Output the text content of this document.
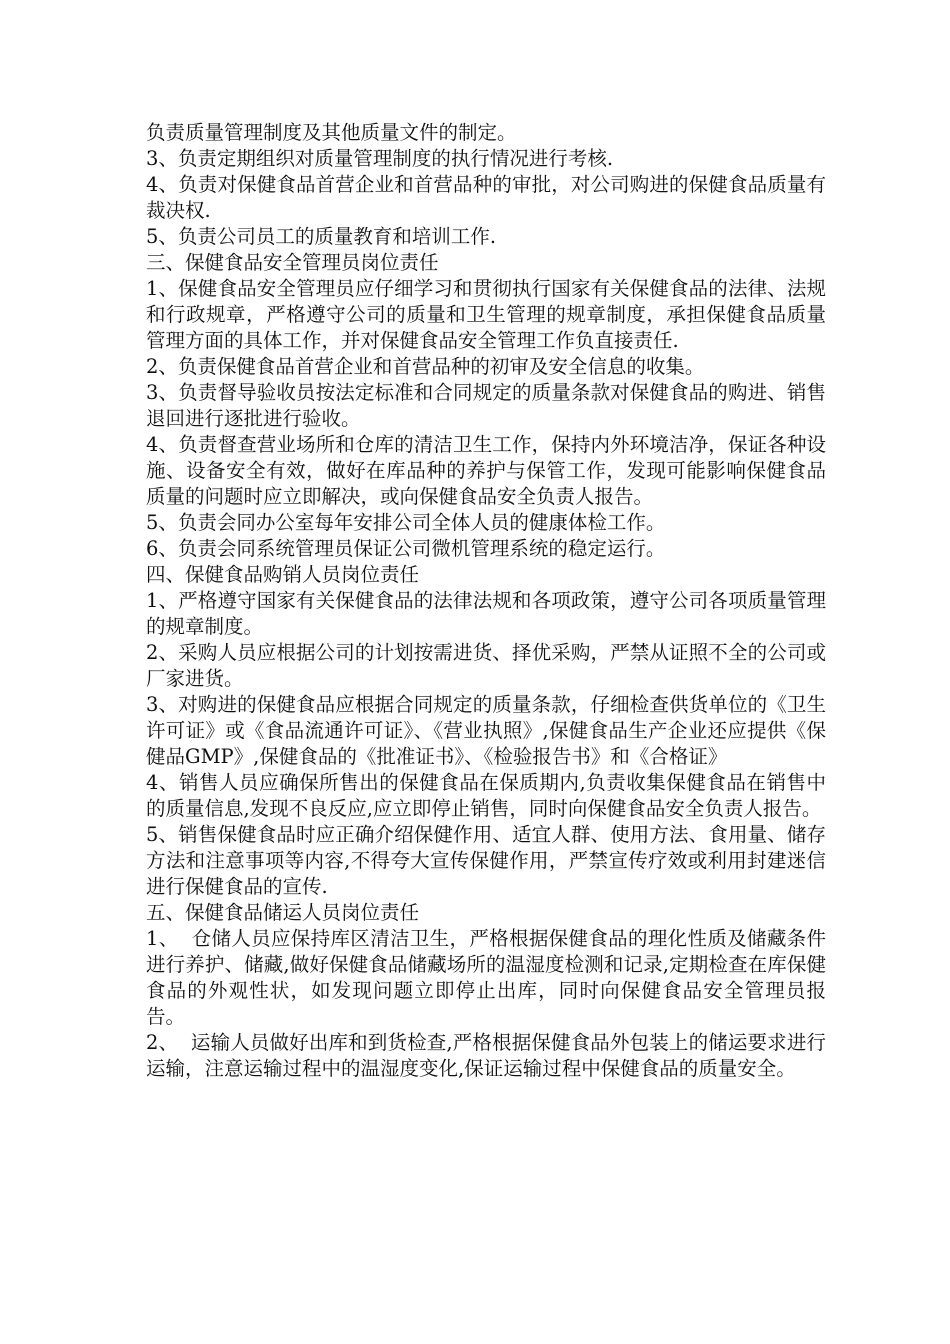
负责质量管理制度及其他质量文件的制定。

3、负责定期组织对质量管理制度的执行情况进行考核.

4、负责对保健食品首营企业和首营品种的审批，对公司购进的保健食品质量有裁决权.

5、负责公司员工的质量教育和培训工作.

三、保健食品安全管理员岗位责任

1、保健食品安全管理员应仔细学习和贯彻执行国家有关保健食品的法律、法规和行政规章，严格遵守公司的质量和卫生管理的规章制度，承担保健食品质量管理方面的具体工作，并对保健食品安全管理工作负直接责任.

2、负责保健食品首营企业和首营品种的初审及安全信息的收集。

3、负责督导验收员按法定标准和合同规定的质量条款对保健食品的购进、销售退回进行逐批进行验收。

4、负责督查营业场所和仓库的清洁卫生工作，保持内外环境洁净，保证各种设施、设备安全有效，做好在库品种的养护与保管工作，发现可能影响保健食品质量的问题时应立即解决，或向保健食品安全负责人报告。

5、负责会同办公室每年安排公司全体人员的健康体检工作。

6、负责会同系统管理员保证公司微机管理系统的稳定运行。

四、保健食品购销人员岗位责任

1、严格遵守国家有关保健食品的法律法规和各项政策，遵守公司各项质量管理的规章制度。

2、采购人员应根据公司的计划按需进货、择优采购，严禁从证照不全的公司或厂家进货。

3、对购进的保健食品应根据合同规定的质量条款，仔细检查供货单位的《卫生许可证》或《食品流通许可证》、《营业执照》,保健食品生产企业还应提供《保健品GMP》,保健食品的《批准证书》、《检验报告书》和《合格证》

4、销售人员应确保所售出的保健食品在保质期内,负责收集保健食品在销售中的质量信息,发现不良反应,应立即停止销售，同时向保健食品安全负责人报告。

5、销售保健食品时应正确介绍保健作用、适宜人群、使用方法、食用量、储存方法和注意事项等内容,不得夸大宣传保健作用，严禁宣传疗效或利用封建迷信进行保健食品的宣传.

五、保健食品储运人员岗位责任

1、  仓储人员应保持库区清洁卫生，严格根据保健食品的理化性质及储藏条件进行养护、储藏,做好保健食品储藏场所的温湿度检测和记录,定期检查在库保健食品的外观性状，如发现问题立即停止出库，同时向保健食品安全管理员报告。

2、  运输人员做好出库和到货检查,严格根据保健食品外包装上的储运要求进行运输，注意运输过程中的温湿度变化,保证运输过程中保健食品的质量安全。
